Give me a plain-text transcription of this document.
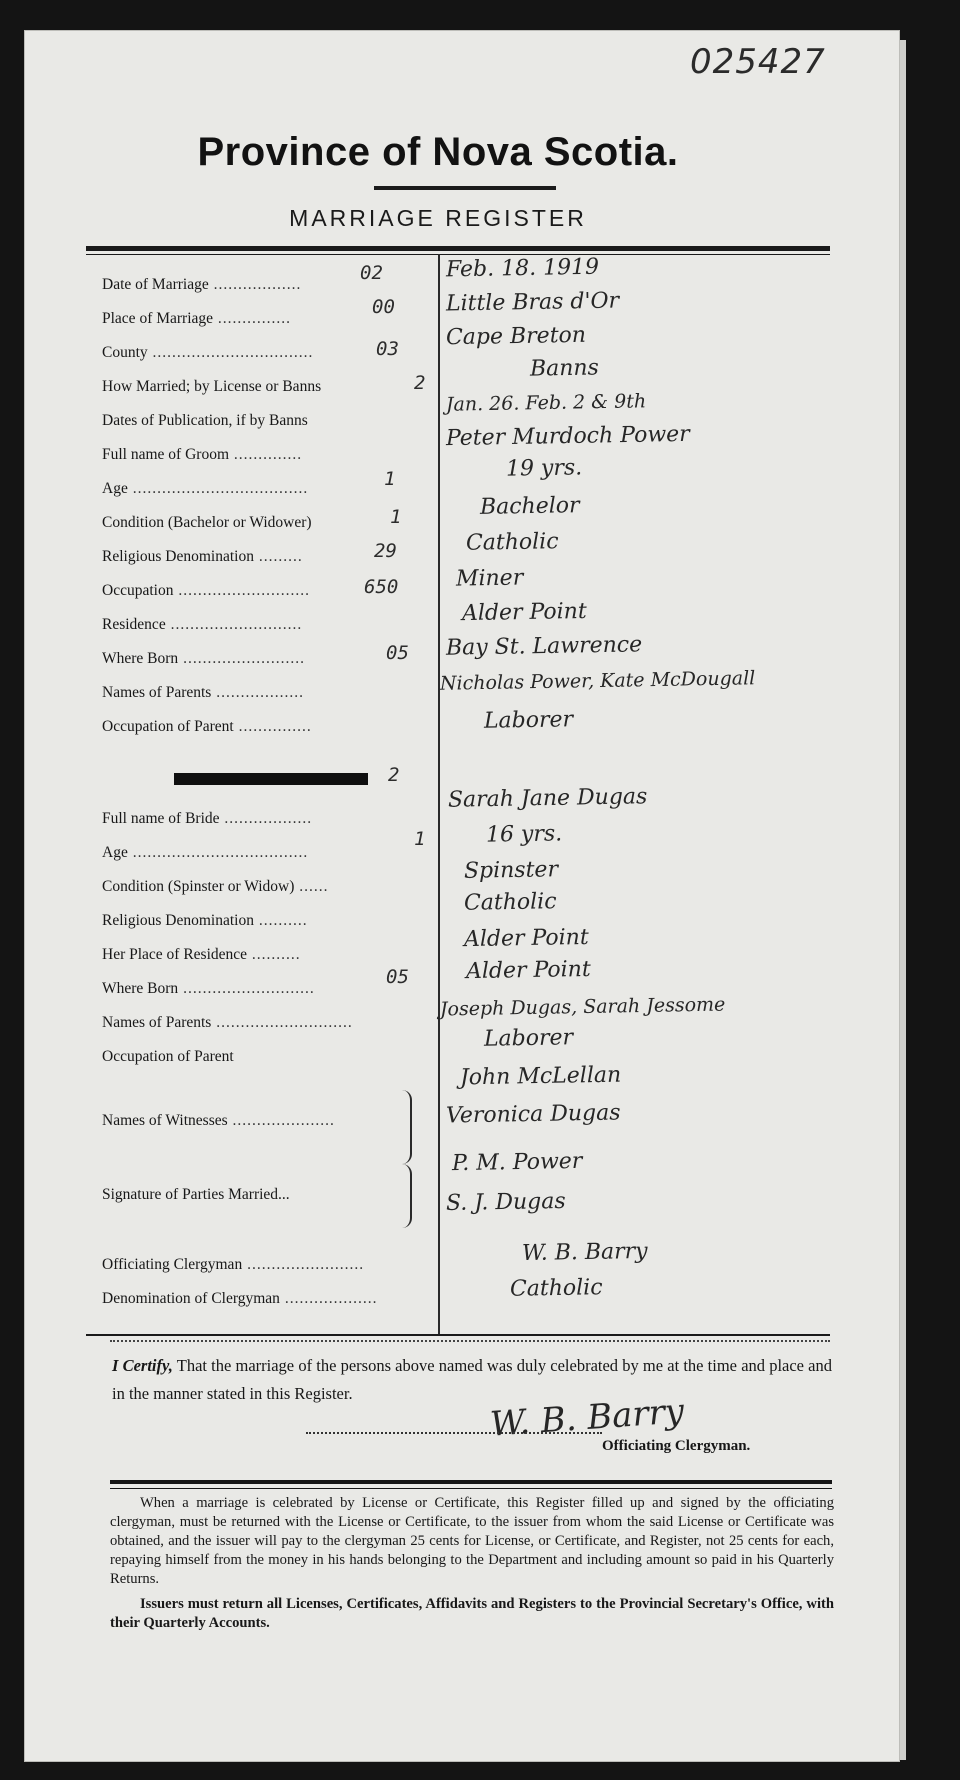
025427
Province of Nova Scotia.
MARRIAGE REGISTER
Date of Marriage ..................
02	Feb. 18. 1919
Place of Marriage ...............
00 Little Bras d'Or
County .................................	03 Cape Breton
How Married; by License or Banns	2
Banns
Dates of Publication, if by Banns
Jan. 26. Feb. 2 & 9th
Full name of Groom ..............
Peter Murdoch Power
Age ....................................	1	19 yrs.
Condition (Bachelor or Widower)	1	Bachelor
Religious Denomination .........	29	Catholic
Occupation ...........................	650	Miner
Residence ...........................	Alder Point
Where Born .........................	05 Bay St. Lawrence
Names of Parents ..................	Nicholas Power, Kate McDougall
Occupation of Parent ...............	Laborer
2
Full name of Bride ..................
Sarah Jane Dugas
Age ....................................
1	16 yrs.
Condition (Spinster or Widow) ......
Spinster
Religious Denomination ..........
Catholic
Her Place of Residence ..........
Alder Point
Where Born ...........................
05	Alder Point
Names of Parents ............................
Joseph Dugas, Sarah Jessome
Occupation of Parent
Laborer
Names of Witnesses .....................
John McLellan
Veronica Dugas
Signature of Parties Married...
P. M. Power
S. J. Dugas
Officiating Clergyman ........................	W. B. Barry
Denomination of Clergyman ...................	Catholic
I Certify, That the marriage of the persons above named was duly celebrated by me at the time and place and in the manner stated in this Register.	W. B. Barry
Officiating Clergyman.

When a marriage is celebrated by License or Certificate, this Register filled up and signed by the officiating clergyman, must be returned with the License or Certificate, to the issuer from whom the said License or Certificate was obtained, and the issuer will pay to the clergyman 25 cents for License, or Certificate, and Register, not 25 cents for each, repaying himself from the money in his hands belonging to the Department and including amount so paid in his Quarterly Returns.

Issuers must return all Licenses, Certificates, Affidavits and Registers to the Provincial Secretary's Office, with their Quarterly Accounts.
